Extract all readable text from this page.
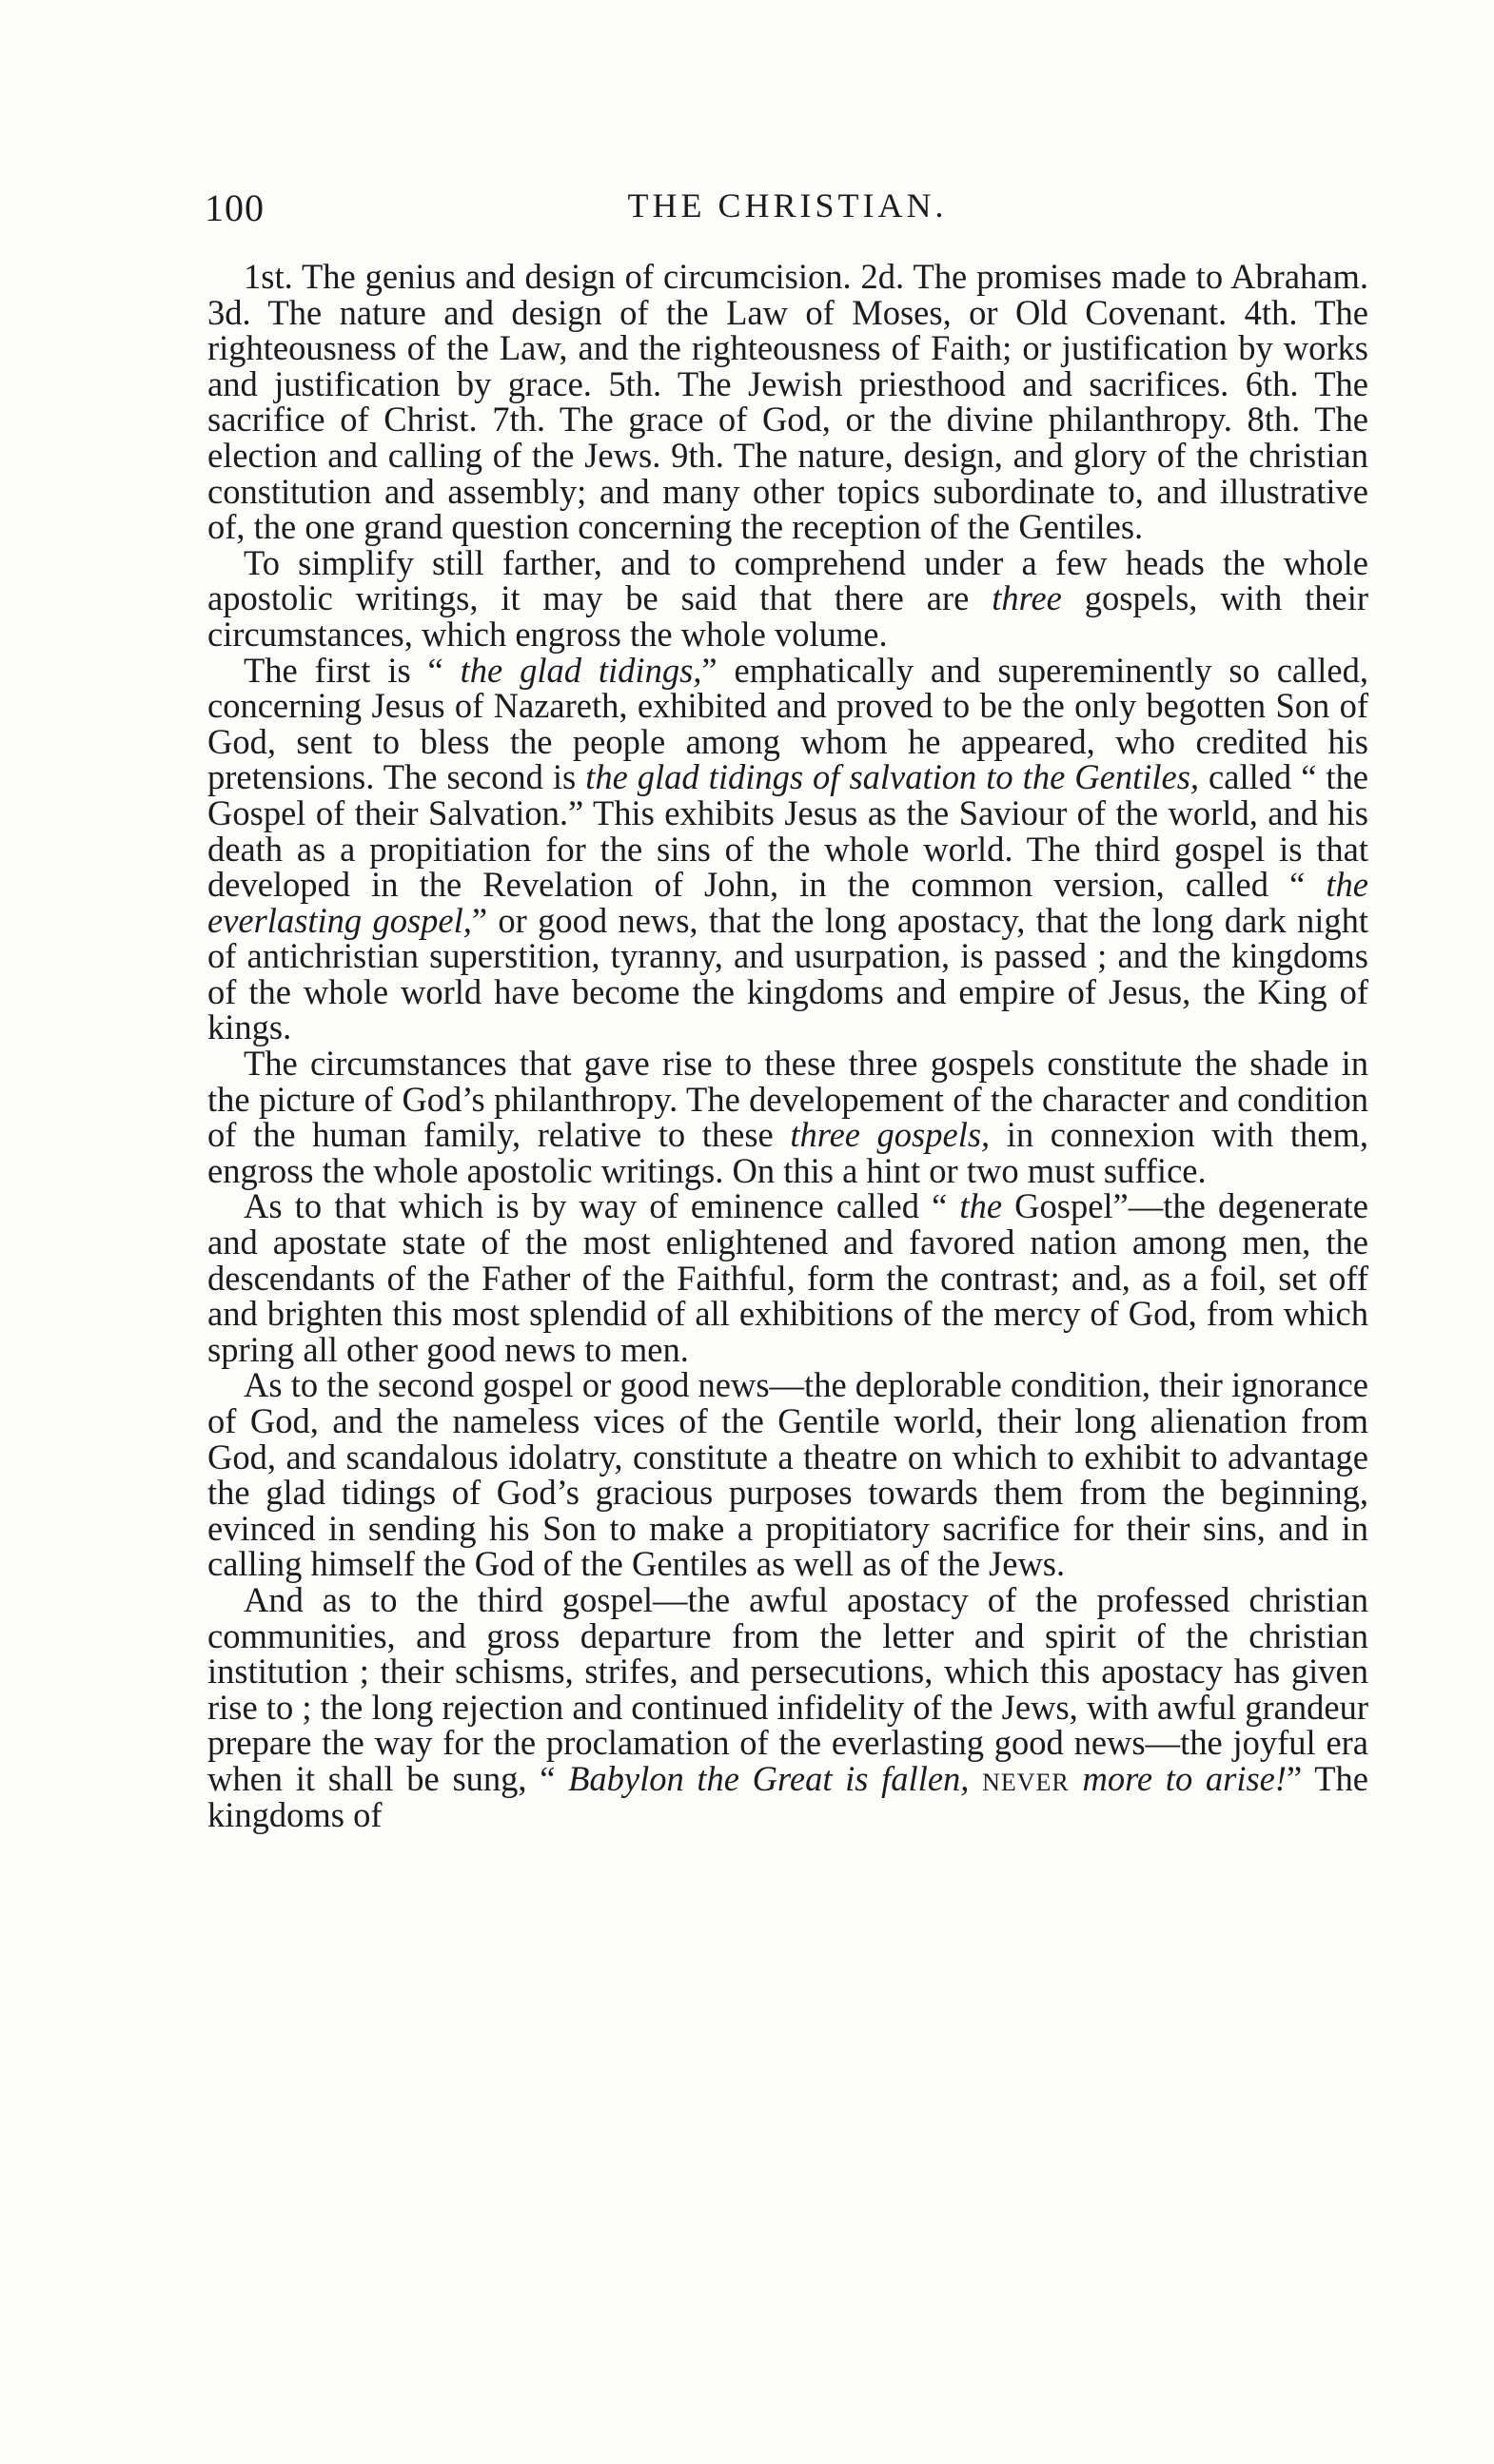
100	THE CHRISTIAN.

1st. The genius and design of circumcision. 2d. The promises made to Abraham. 3d. The nature and design of the Law of Moses, or Old Covenant. 4th. The righteousness of the Law, and the righteousness of Faith; or justification by works and justification by grace. 5th. The Jewish priesthood and sacrifices. 6th. The sacrifice of Christ. 7th. The grace of God, or the divine philanthropy. 8th. The election and calling of the Jews. 9th. The nature, design, and glory of the christian constitution and assembly; and many other topics subordinate to, and illustrative of, the one grand question concerning the reception of the Gentiles.

To simplify still farther, and to comprehend under a few heads the whole apostolic writings, it may be said that there are three gospels, with their circumstances, which engross the whole volume.

The first is “ the glad tidings,” emphatically and supereminently so called, concerning Jesus of Nazareth, exhibited and proved to be the only begotten Son of God, sent to bless the people among whom he appeared, who credited his pretensions. The second is the glad tidings of salvation to the Gentiles, called “ the Gospel of their Salvation.” This exhibits Jesus as the Saviour of the world, and his death as a propitiation for the sins of the whole world. The third gospel is that developed in the Revelation of John, in the common version, called “ the everlasting gospel,” or good news, that the long apostacy, that the long dark night of antichristian superstition, tyranny, and usurpation, is passed ; and the kingdoms of the whole world have become the kingdoms and empire of Jesus, the King of kings.

The circumstances that gave rise to these three gospels constitute the shade in the picture of God’s philanthropy. The developement of the character and condition of the human family, relative to these three gospels, in connexion with them, engross the whole apostolic writings. On this a hint or two must suffice.

As to that which is by way of eminence called “ the Gospel”—the degenerate and apostate state of the most enlightened and favored nation among men, the descendants of the Father of the Faithful, form the contrast; and, as a foil, set off and brighten this most splendid of all exhibitions of the mercy of God, from which spring all other good news to men.

As to the second gospel or good news—the deplorable condition, their ignorance of God, and the nameless vices of the Gentile world, their long alienation from God, and scandalous idolatry, constitute a theatre on which to exhibit to advantage the glad tidings of God’s gracious purposes towards them from the beginning, evinced in sending his Son to make a propitiatory sacrifice for their sins, and in calling himself the God of the Gentiles as well as of the Jews.

And as to the third gospel—the awful apostacy of the professed christian communities, and gross departure from the letter and spirit of the christian institution ; their schisms, strifes, and persecutions, which this apostacy has given rise to ; the long rejection and continued infidelity of the Jews, with awful grandeur prepare the way for the proclamation of the everlasting good news—the joyful era when it shall be sung, “ Babylon the Great is fallen, never more to arise!” The kingdoms of
